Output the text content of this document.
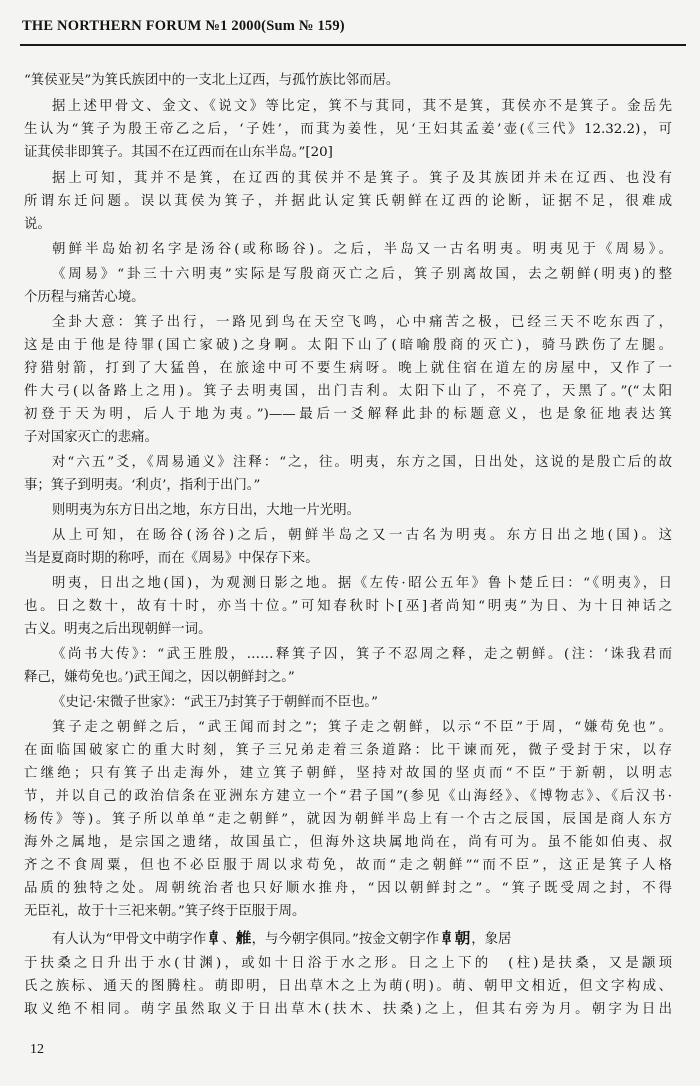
THE NORTHERN FORUM №1 2000(Sum № 159)

“箕侯亚吴”为箕氏族团中的一支北上辽西，与孤竹族比邻而居。

据上述甲骨文、金文、《说文》等比定，箕不与萁同，萁不是箕，萁侯亦不是箕子。金岳先

生认为“箕子为殷王帝乙之后，‘子姓’，而萁为姜性，见‘王妇其孟姜’壶(《三代》12.32.2)，可

证萁侯非即箕子。其国不在辽西而在山东半岛。”[20]

据上可知，萁并不是箕，在辽西的萁侯并不是箕子。箕子及其族团并未在辽西、也没有

所谓东迁问题。误以萁侯为箕子，并据此认定箕氏朝鲜在辽西的论断，证据不足，很难成

说。

朝鲜半岛始初名字是汤谷(或称旸谷)。之后，半岛又一古名明夷。明夷见于《周易》。

《周易》“卦三十六明夷”实际是写殷商灭亡之后，箕子别离故国，去之朝鲜(明夷)的整

个历程与痛苦心境。

全卦大意：箕子出行，一路见到鸟在天空飞鸣，心中痛苦之极，已经三天不吃东西了，

这是由于他是待罪(国亡家破)之身啊。太阳下山了(暗喻殷商的灭亡)，骑马跌伤了左腿。

狩猎射箭，打到了大猛兽，在旅途中可不要生病呀。晚上就住宿在道左的房屋中，又作了一

件大弓(以备路上之用)。箕子去明夷国，出门吉利。太阳下山了，不亮了，天黑了。”(“太阳

初登于天为明，后人于地为夷。”)——最后一爻解释此卦的标题意义，也是象征地表达箕

子对国家灭亡的悲痛。

对“六五”爻，《周易通义》注释：“之，往。明夷，东方之国，日出处，这说的是殷亡后的故

事；箕子到明夷。‘利贞’，指利于出门。”

则明夷为东方日出之地，东方日出，大地一片光明。

从上可知，在旸谷(汤谷)之后，朝鲜半岛之又一古名为明夷。东方日出之地(国)。这

当是夏商时期的称呼，而在《周易》中保存下来。

明夷，日出之地(国)，为观测日影之地。据《左传·昭公五年》鲁卜楚丘曰：“《明夷》，日

也。日之数十，故有十时，亦当十位。”可知春秋时卜[巫]者尚知“明夷”为日、为十日神话之

古义。明夷之后出现朝鲜一词。

《尚书大传》：“武王胜殷，……释箕子囚，箕子不忍周之释，走之朝鲜。(注：‘诛我君而

释己，嫌苟免也。’)武王闻之，因以朝鲜封之。”

《史记·宋微子世家》：“武王乃封箕子于朝鲜而不臣也。”

箕子走之朝鲜之后，“武王闻而封之”；箕子走之朝鲜，以示“不臣”于周，“嫌苟免也”。

在面临国破家亡的重大时刻，箕子三兄弟走着三条道路：比干谏而死，微子受封于宋，以存

亡继绝；只有箕子出走海外，建立箕子朝鲜，坚持对故国的坚贞而“不臣”于新朝，以明志

节，并以自己的政治信条在亚洲东方建立一个“君子国”(参见《山海经》、《博物志》、《后汉书·

杨传》等)。箕子所以单单“走之朝鲜”，就因为朝鲜半岛上有一个古之辰国，辰国是商人东方

海外之属地，是宗国之遗绪，故国虽亡，但海外这块属地尚在，尚有可为。虽不能如伯夷、叔

齐之不食周粟，但也不必臣服于周以求苟免，故而“走之朝鲜”“而不臣”，这正是箕子人格

品质的独特之处。周朝统治者也只好顺水推舟，“因以朝鲜封之”。“箕子既受周之封，不得

无臣礼，故于十三祀来朝。”箕子终于臣服于周。

有人认为“甲骨文中萌字作𠦝、𦩏，与今朝字俱同。”按金文朝字作𠦝朝，象居

于扶桑之日升出于水(甘渊)，或如十日浴于水之形。日之上下的　(柱)是扶桑，又是颛顼

氏之族标、通天的图腾柱。萌即明，日出草木之上为萌(明)。萌、朝甲文相近，但文字构成、

取义绝不相同。萌字虽然取义于日出草木(扶木、扶桑)之上，但其右旁为月。朝字为日出

12
